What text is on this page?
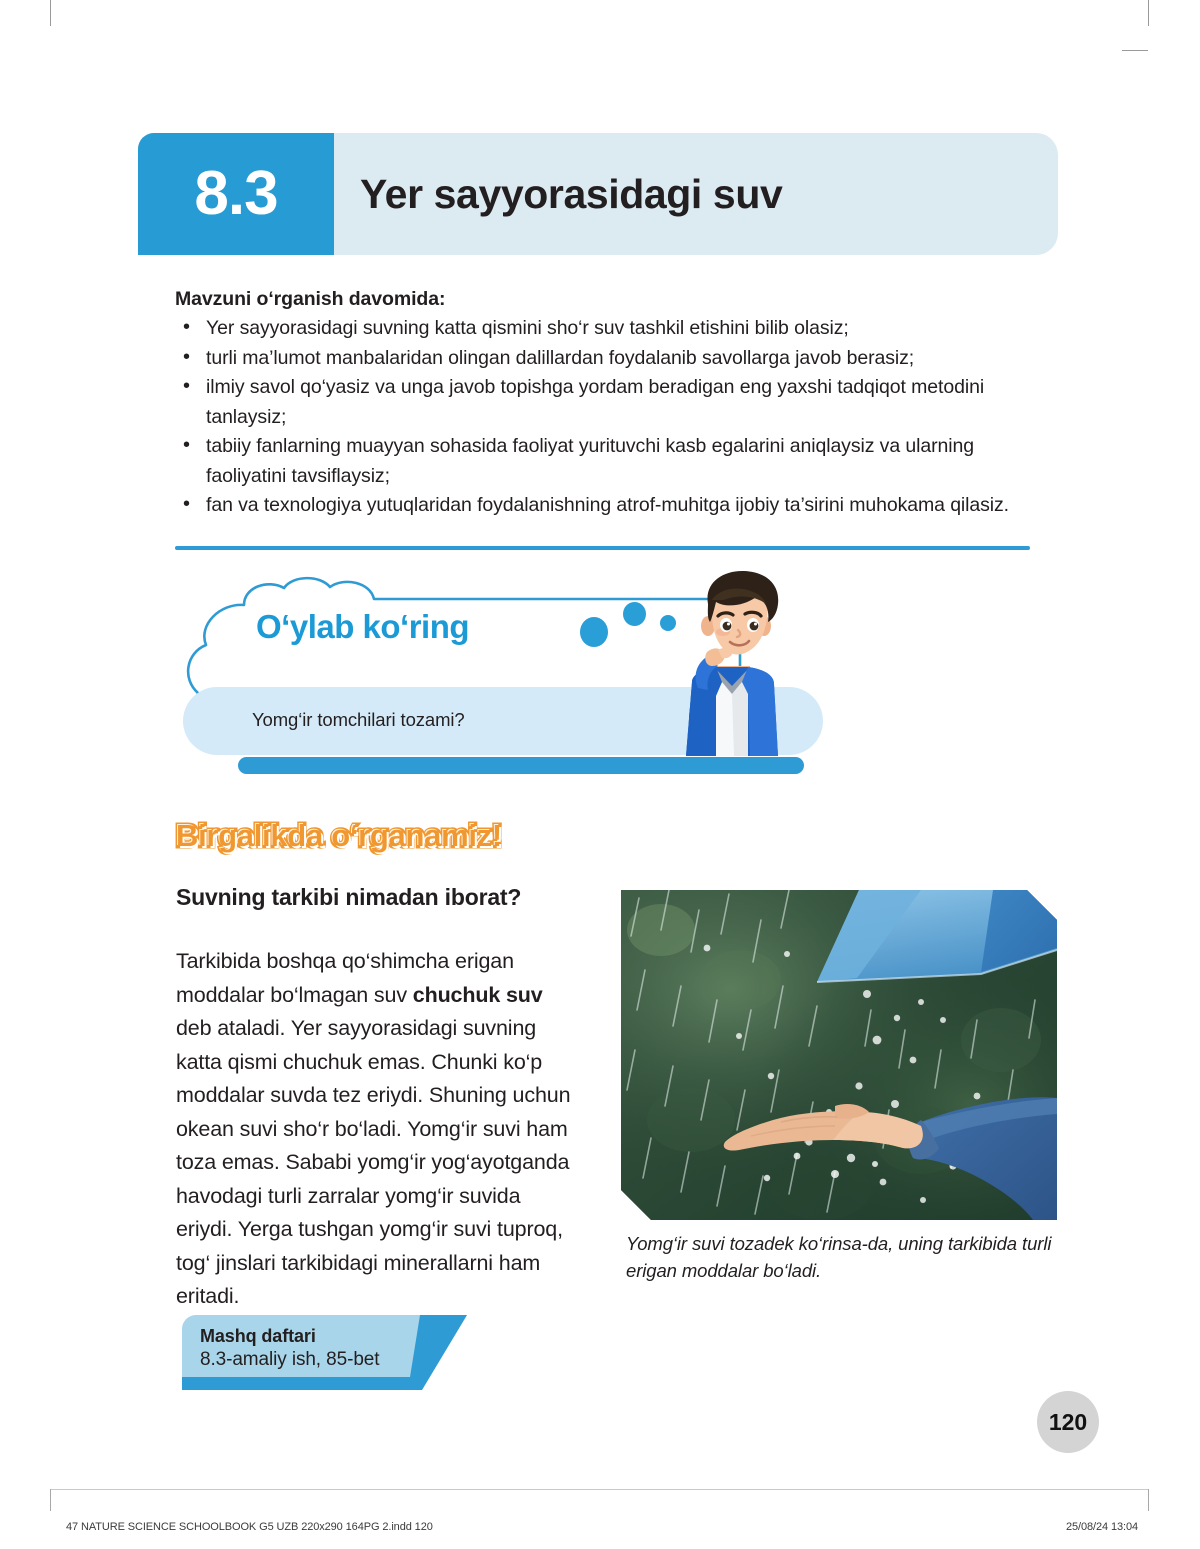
8.3 Yer sayyorasidagi suv
Mavzuni o‘rganish davomida:
• Yer sayyorasidagi suvning katta qismini sho‘r suv tashkil etishini bilib olasiz;
• turli ma’lumot manbalaridan olingan dalillardan foydalanib savollarga javob berasiz;
• ilmiy savol qo‘yasiz va unga javob topishga yordam beradigan eng yaxshi tadqiqot metodini tanlaysiz;
• tabiiy fanlarning muayyan sohasida faoliyat yurituvchi kasb egalarini aniqlaysiz va ularning faoliyatini tavsiflaysiz;
• fan va texnologiya yutuqlaridan foydalanishning atrof-muhitga ijobiy ta’sirini muhokama qilasiz.
O‘ylab ko‘ring
Yomg‘ir tomchilari tozami?
Birgalikda o‘rganamiz!
Suvning tarkibi nimadan iborat?
Tarkibida boshqa qo‘shimcha erigan moddalar bo‘lmagan suv chuchuk suv deb ataladi. Yer sayyorasidagi suvning katta qismi chuchuk emas. Chunki ko‘p moddalar suvda tez eriydi. Shuning uchun okean suvi sho‘r bo‘ladi. Yomg‘ir suvi ham toza emas. Sababi yomg‘ir yog‘ayotganda havodagi turli zarralar yomg‘ir suvida eriydi. Yerga tushgan yomg‘ir suvi tuproq, tog‘ jinslari tarkibidagi minerallarni ham eritadi.
Yomg‘ir suvi tozadek ko‘rinsa-da, uning tarkibida turli erigan moddalar bo‘ladi.
Mashq daftari
8.3-amaliy ish, 85-bet
120
47 NATURE SCIENCE SCHOOLBOOK G5 UZB 220x290 164PG 2.indd 120	25/08/24 13:04
